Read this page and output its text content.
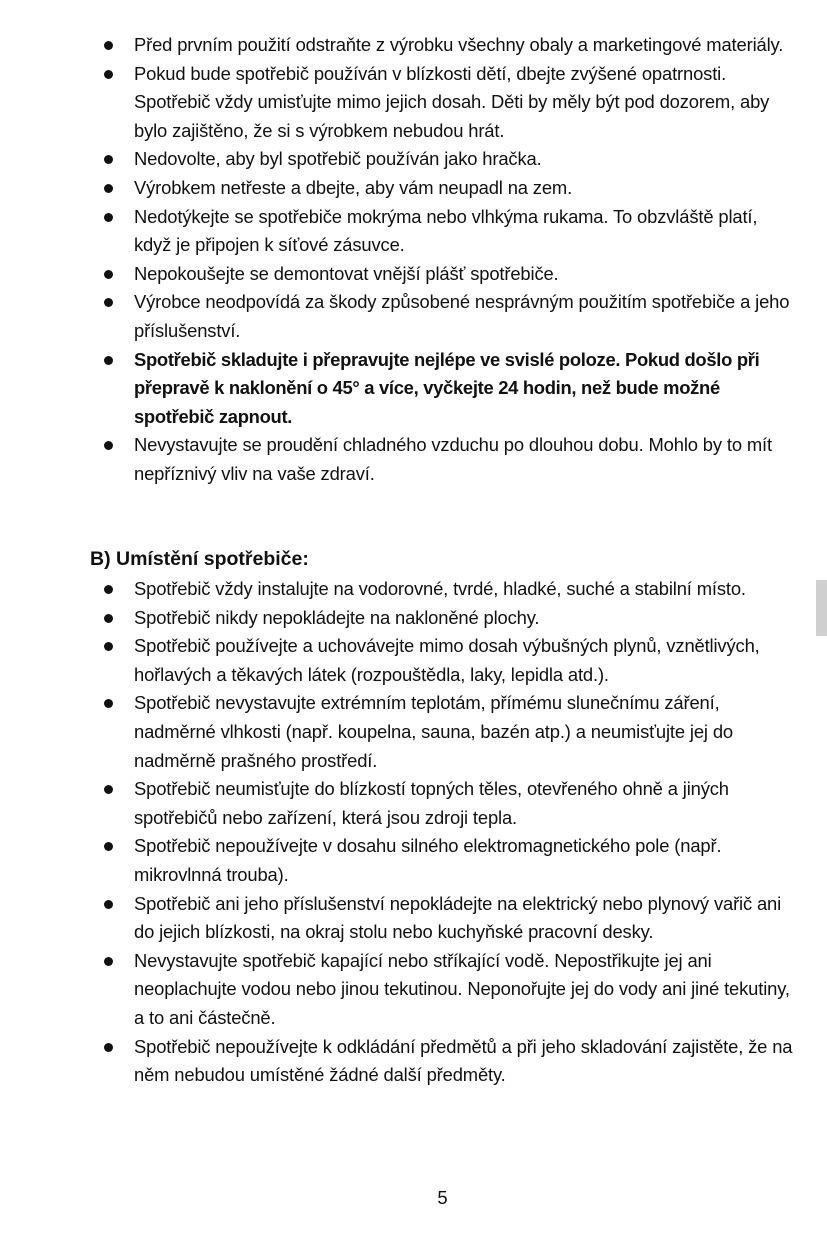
Před prvním použití odstraňte z výrobku všechny obaly a marketingové materiály.
Pokud bude spotřebič používán v blízkosti dětí, dbejte zvýšené opatrnosti. Spotřebič vždy umisťujte mimo jejich dosah. Děti by měly být pod dozorem, aby bylo zajištěno, že si s výrobkem nebudou hrát.
Nedovolte, aby byl spotřebič používán jako hračka.
Výrobkem netřeste a dbejte, aby vám neupadl na zem.
Nedotýkejte se spotřebiče mokrýma nebo vlhkýma rukama. To obzvláště platí, když je připojen k síťové zásuvce.
Nepokoušejte se demontovat vnější plášť spotřebiče.
Výrobce neodpovídá za škody způsobené nesprávným použitím spotřebiče a jeho příslušenství.
Spotřebič skladujte i přepravujte nejlépe ve svislé poloze. Pokud došlo při přepravě k naklonění o 45° a více, vyčkejte 24 hodin, než bude možné spotřebič zapnout.
Nevystavujte se proudění chladného vzduchu po dlouhou dobu. Mohlo by to mít nepříznivý vliv na vaše zdraví.
B) Umístění spotřebiče:
Spotřebič vždy instalujte na vodorovné, tvrdé, hladké, suché a stabilní místo.
Spotřebič nikdy nepokládejte na nakloněné plochy.
Spotřebič používejte a uchovávejte mimo dosah výbušných plynů, vznětlivých, hořlavých a těkavých látek (rozpouštědla, laky, lepidla atd.).
Spotřebič nevystavujte extrémním teplotám, přímému slunečnímu záření, nadměrné vlhkosti (např. koupelna, sauna, bazén atp.) a neumisťujte jej do nadměrně prašného prostředí.
Spotřebič neumisťujte do blízkostí topných těles, otevřeného ohně a jiných spotřebičů nebo zařízení, která jsou zdroji tepla.
Spotřebič nepoužívejte v dosahu silného elektromagnetického pole (např. mikrovlnná trouba).
Spotřebič ani jeho příslušenství nepokládejte na elektrický nebo plynový vařič ani do jejich blízkosti, na okraj stolu nebo kuchyňské pracovní desky.
Nevystavujte spotřebič kapající nebo stříkající vodě. Nepostřikujte jej ani neoplachujte vodou nebo jinou tekutinou. Neponořujte jej do vody ani jiné tekutiny, a to ani částečně.
Spotřebič nepoužívejte k odkládání předmětů a při jeho skladování zajistěte, že na něm nebudou umístěné žádné další předměty.
5
